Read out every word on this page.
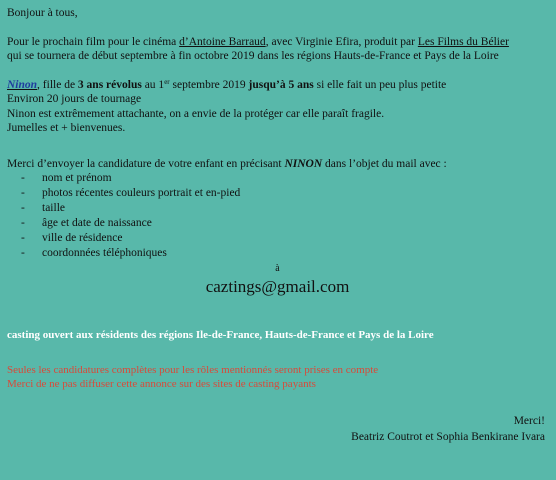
Bonjour à tous,

Pour le prochain film pour le cinéma d’Antoine Barraud, avec Virginie Efira, produit par Les Films du Bélier

qui se tournera de début septembre à fin octobre 2019 dans les régions Hauts-de-France et Pays de la Loire

Ninon, fille de 3 ans révolus au 1er septembre 2019 jusqu’à 5 ans si elle fait un peu plus petite

Environ 20 jours de tournage

Ninon est extrêmement attachante, on a envie de la protéger car elle paraît fragile.

Jumelles et + bienvenues.

Merci d’envoyer la candidature de votre enfant en précisant NINON dans l’objet du mail avec :

-	nom et prénom
-	photos récentes couleurs portrait et en-pied
-	taille
-	âge et date de naissance
-	ville de résidence
-	coordonnées téléphoniques

à

caztings@gmail.com

casting ouvert aux résidents des régions Ile-de-France, Hauts-de-France et Pays de la Loire

Seules les candidatures complètes pour les rôles mentionnés seront prises en compte

Merci de ne pas diffuser cette annonce sur des sites de casting payants

Merci!

Beatriz Coutrot et Sophia Benkirane Ivara
